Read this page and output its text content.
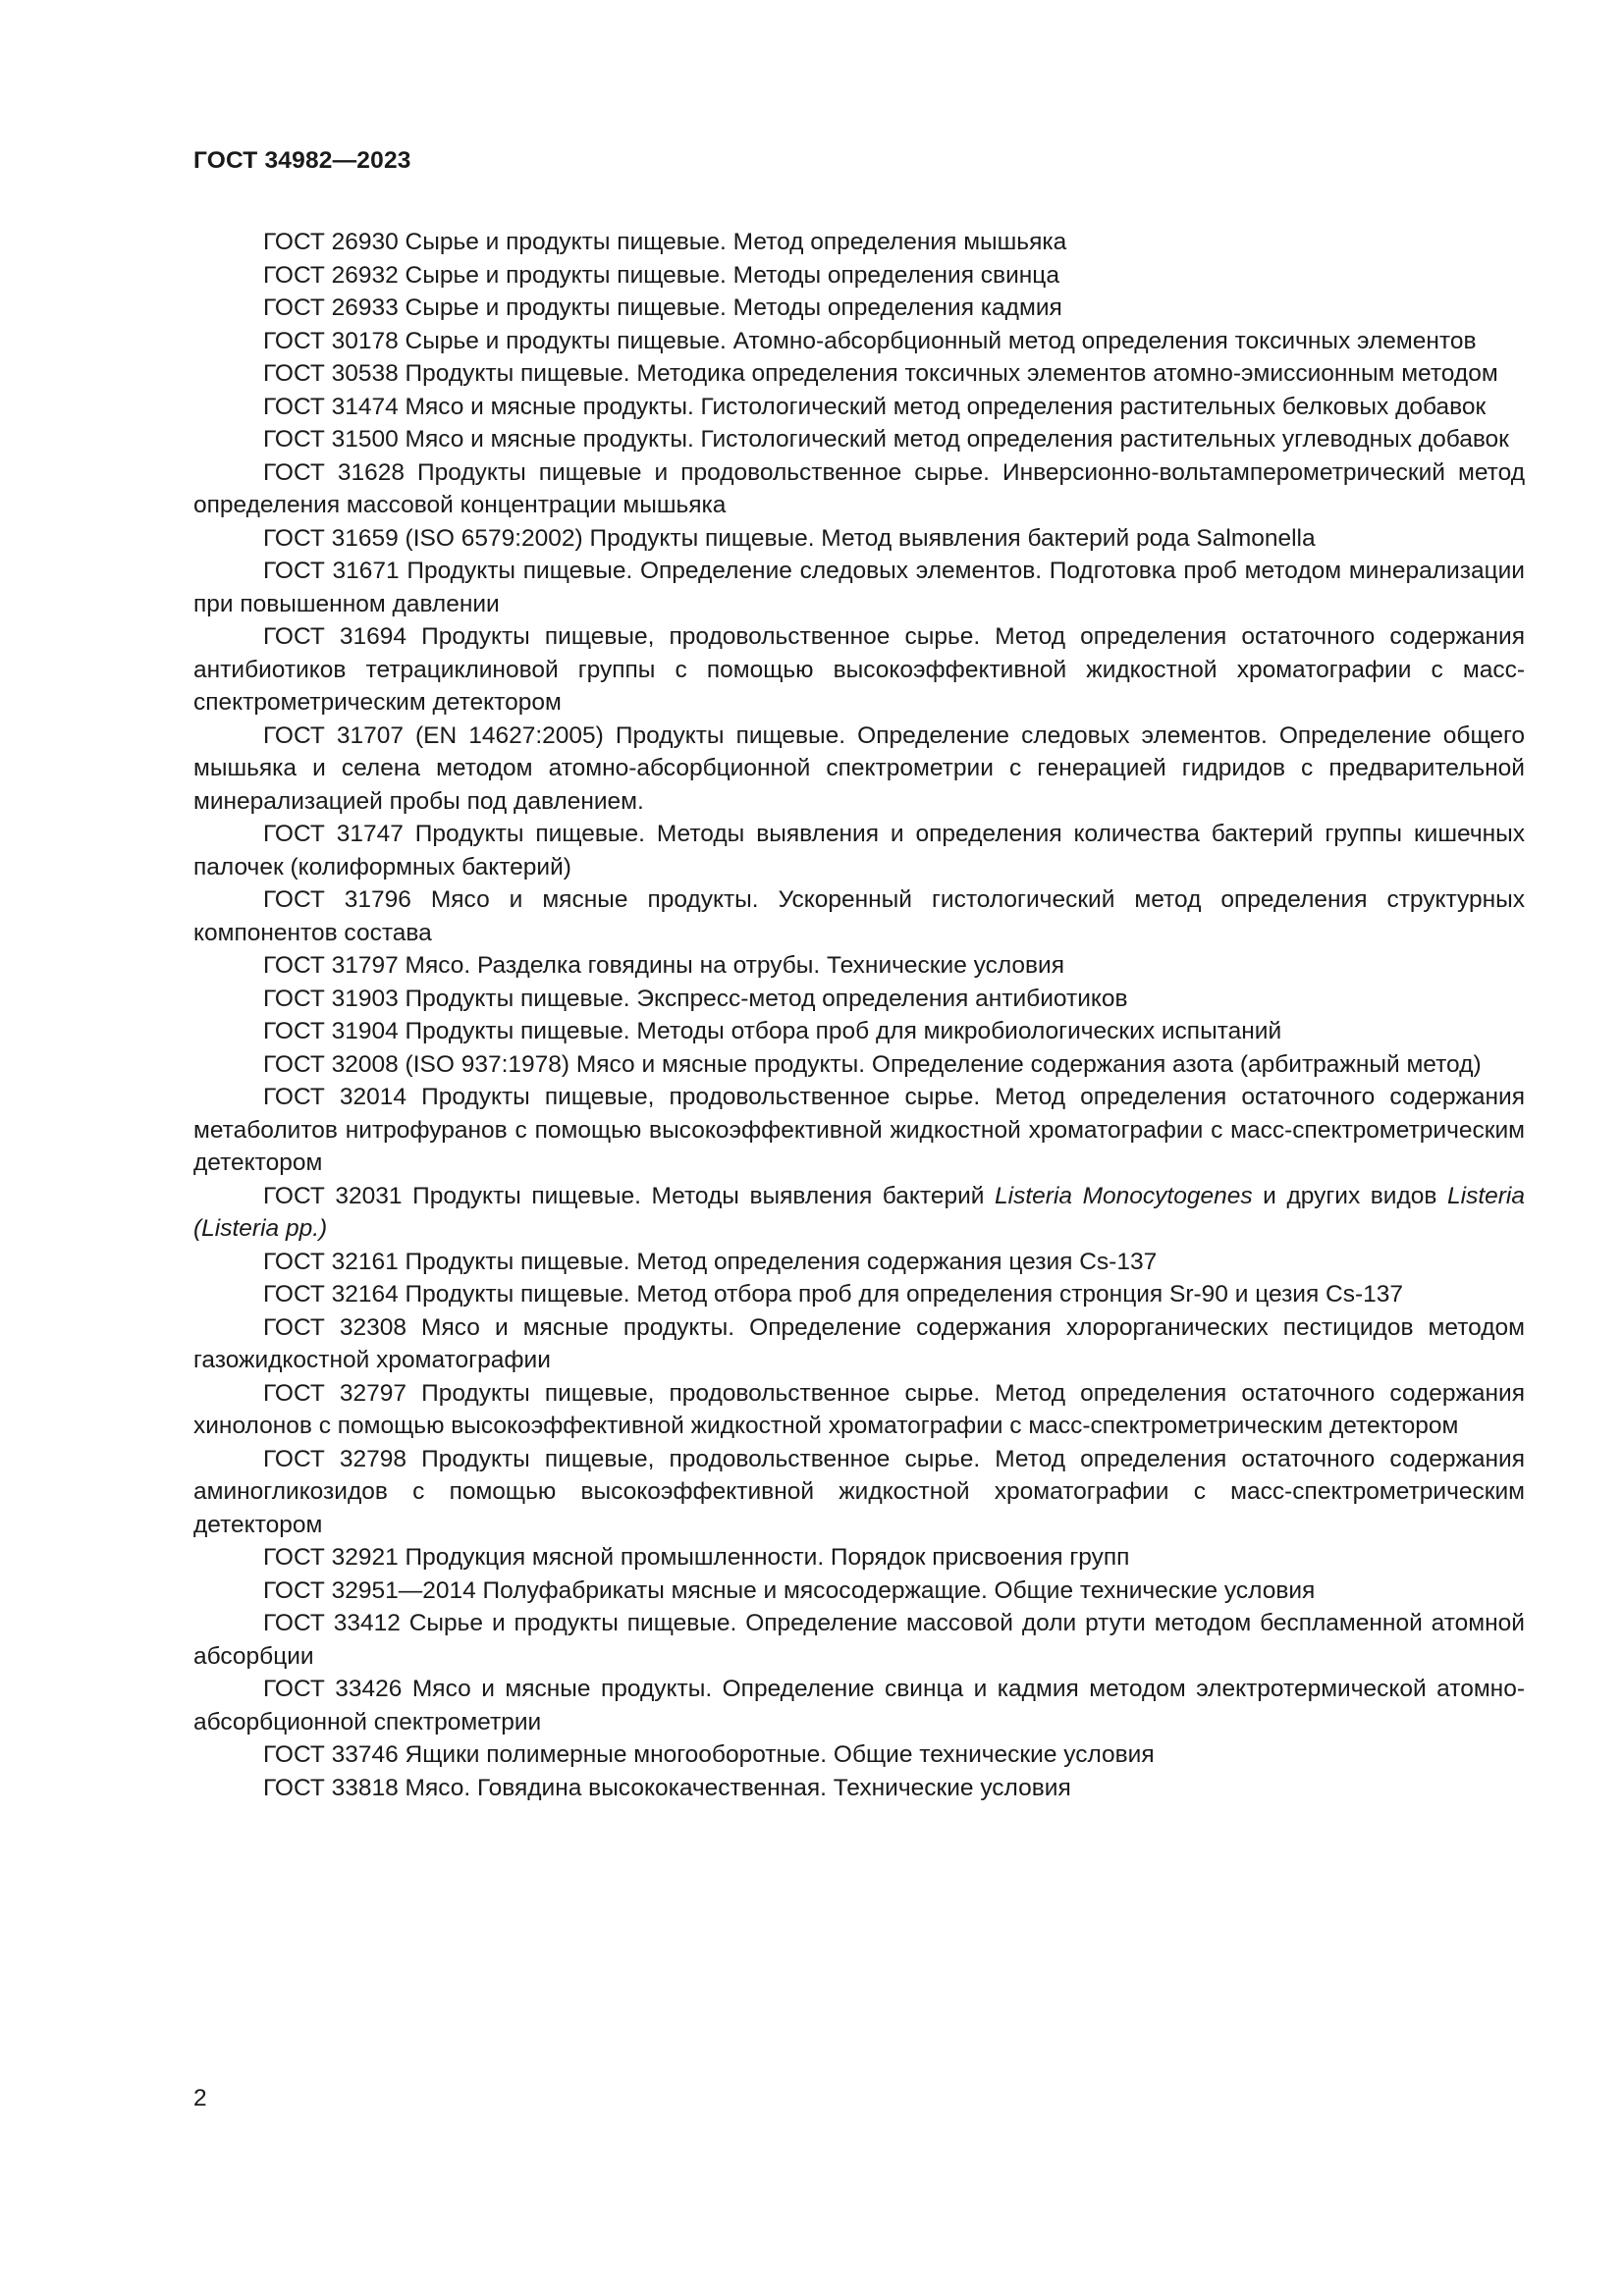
ГОСТ 34982—2023
ГОСТ 26930 Сырье и продукты пищевые. Метод определения мышьяка
ГОСТ 26932 Сырье и продукты пищевые. Методы определения свинца
ГОСТ 26933 Сырье и продукты пищевые. Методы определения кадмия
ГОСТ 30178 Сырье и продукты пищевые. Атомно-абсорбционный метод определения токсичных элементов
ГОСТ 30538 Продукты пищевые. Методика определения токсичных элементов атомно-эмиссионным методом
ГОСТ 31474 Мясо и мясные продукты. Гистологический метод определения растительных белковых добавок
ГОСТ 31500 Мясо и мясные продукты. Гистологический метод определения растительных углеводных добавок
ГОСТ 31628 Продукты пищевые и продовольственное сырье. Инверсионно-вольтамперометрический метод определения массовой концентрации мышьяка
ГОСТ 31659 (ISO 6579:2002) Продукты пищевые. Метод выявления бактерий рода Salmonella
ГОСТ 31671 Продукты пищевые. Определение следовых элементов. Подготовка проб методом минерализации при повышенном давлении
ГОСТ 31694 Продукты пищевые, продовольственное сырье. Метод определения остаточного содержания антибиотиков тетрациклиновой группы с помощью высокоэффективной жидкостной хроматографии с масс-спектрометрическим детектором
ГОСТ 31707 (EN 14627:2005) Продукты пищевые. Определение следовых элементов. Определение общего мышьяка и селена методом атомно-абсорбционной спектрометрии с генерацией гидридов с предварительной минерализацией пробы под давлением.
ГОСТ 31747 Продукты пищевые. Методы выявления и определения количества бактерий группы кишечных палочек (колиформных бактерий)
ГОСТ 31796 Мясо и мясные продукты. Ускоренный гистологический метод определения структурных компонентов состава
ГОСТ 31797 Мясо. Разделка говядины на отрубы. Технические условия
ГОСТ 31903 Продукты пищевые. Экспресс-метод определения антибиотиков
ГОСТ 31904 Продукты пищевые. Методы отбора проб для микробиологических испытаний
ГОСТ 32008 (ISO 937:1978) Мясо и мясные продукты. Определение содержания азота (арбитражный метод)
ГОСТ 32014 Продукты пищевые, продовольственное сырье. Метод определения остаточного содержания метаболитов нитрофуранов с помощью высокоэффективной жидкостной хроматографии с масс-спектрометрическим детектором
ГОСТ 32031 Продукты пищевые. Методы выявления бактерий Listeria Monocytogenes и других видов Listeria (Listeria pp.)
ГОСТ 32161 Продукты пищевые. Метод определения содержания цезия Cs-137
ГОСТ 32164 Продукты пищевые. Метод отбора проб для определения стронция Sr-90 и цезия Cs-137
ГОСТ 32308 Мясо и мясные продукты. Определение содержания хлорорганических пестицидов методом газожидкостной хроматографии
ГОСТ 32797 Продукты пищевые, продовольственное сырье. Метод определения остаточного содержания хинолонов с помощью высокоэффективной жидкостной хроматографии с масс-спектрометрическим детектором
ГОСТ 32798 Продукты пищевые, продовольственное сырье. Метод определения остаточного содержания аминогликозидов с помощью высокоэффективной жидкостной хроматографии с масс-спектрометрическим детектором
ГОСТ 32921 Продукция мясной промышленности. Порядок присвоения групп
ГОСТ 32951—2014 Полуфабрикаты мясные и мясосодержащие. Общие технические условия
ГОСТ 33412 Сырье и продукты пищевые. Определение массовой доли ртути методом беспламенной атомной абсорбции
ГОСТ 33426 Мясо и мясные продукты. Определение свинца и кадмия методом электротермической атомно-абсорбционной спектрометрии
ГОСТ 33746 Ящики полимерные многооборотные. Общие технические условия
ГОСТ 33818 Мясо. Говядина высококачественная. Технические условия
2
